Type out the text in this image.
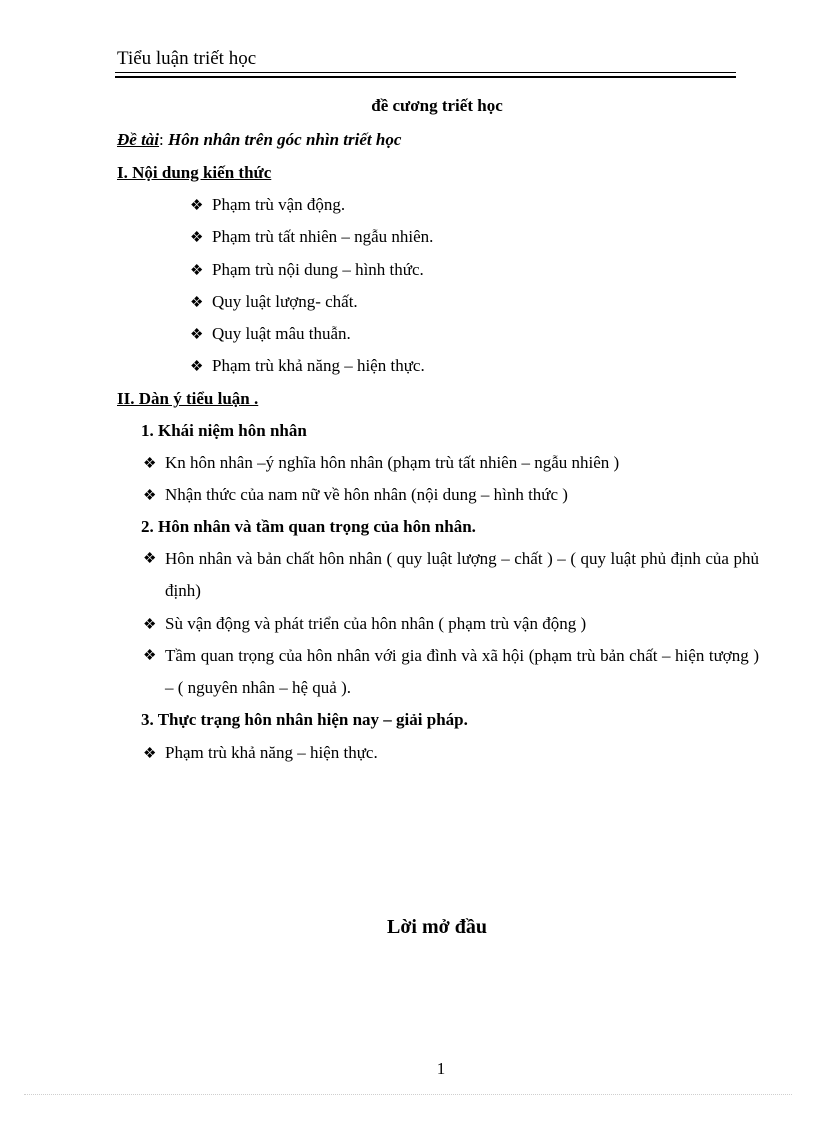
Tiểu luận triết học
đề cương triết học
Đề tài: Hôn nhân trên góc nhìn triết học
I. Nội dung kiến thức
❖ Phạm trù vận động.
❖ Phạm trù tất nhiên – ngẫu nhiên.
❖ Phạm trù nội dung – hình thức.
❖ Quy luật lượng- chất.
❖ Quy luật mâu thuẫn.
❖ Phạm trù khả năng – hiện thực.
II. Dàn ý tiểu luận .
1. Khái niệm hôn nhân
❖ Kn hôn nhân –ý nghĩa hôn nhân (phạm trù tất nhiên – ngẫu nhiên )
❖ Nhận thức của nam nữ về hôn nhân (nội dung – hình thức )
2. Hôn nhân và tầm quan trọng của hôn nhân.
❖ Hôn nhân và bản chất hôn nhân ( quy luật lượng – chất ) – ( quy luật phủ định của phủ định)
❖ Sù vận động và phát triển của hôn nhân ( phạm trù vận động )
❖ Tầm quan trọng của hôn nhân với gia đình và xã hội (phạm trù bản chất – hiện tượng ) – ( nguyên nhân – hệ quả ).
3. Thực trạng hôn nhân hiện nay – giải pháp.
❖ Phạm trù khả năng – hiện thực.
Lời mở đầu
1
